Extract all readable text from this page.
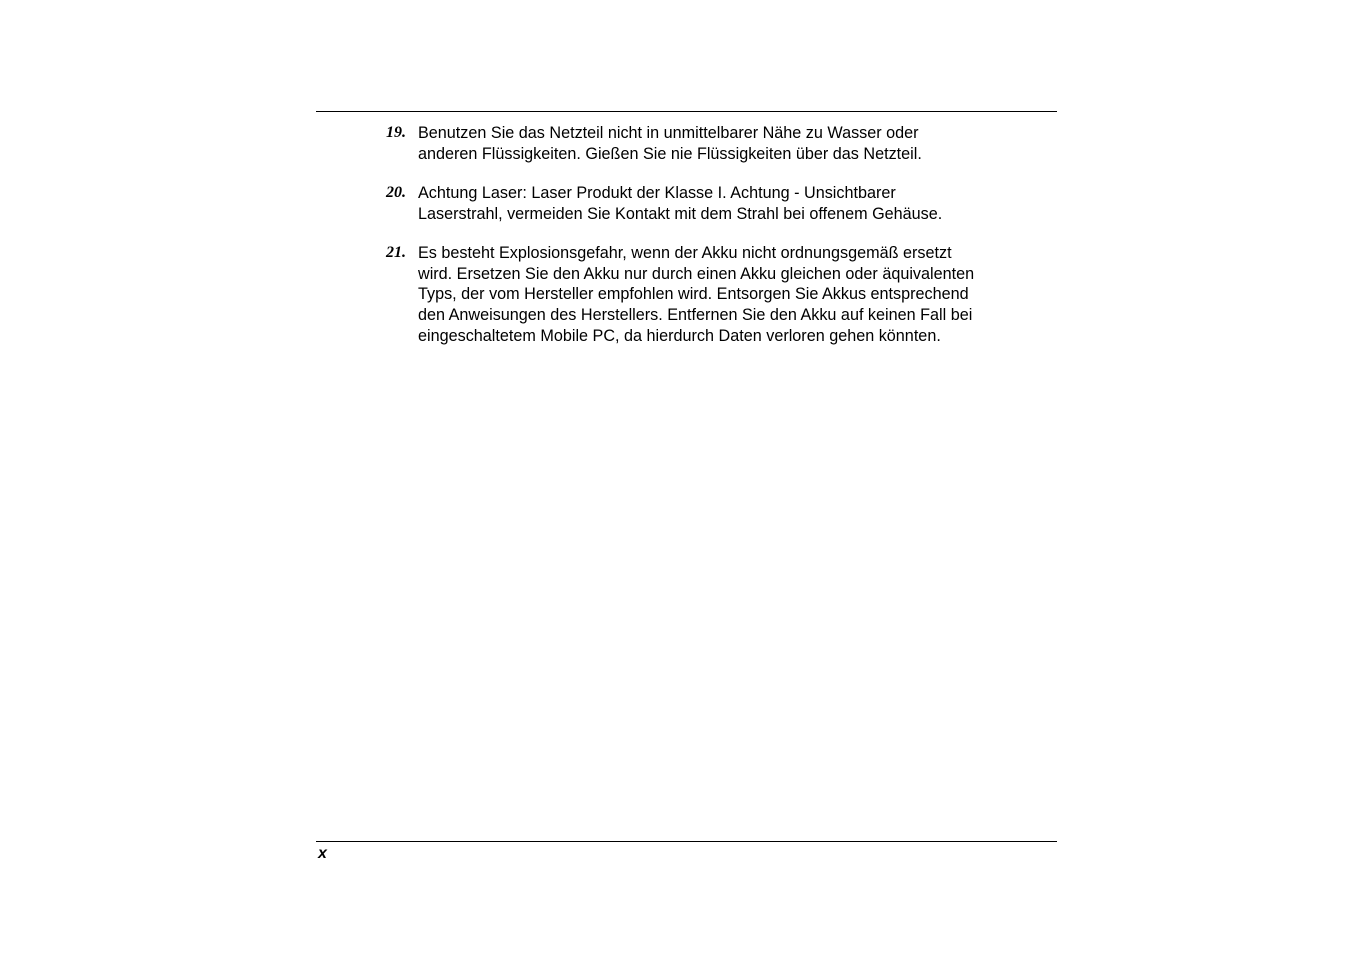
19. Benutzen Sie das Netzteil nicht in unmittelbarer Nähe zu Wasser oder
anderen Flüssigkeiten. Gießen Sie nie Flüssigkeiten über das Netzteil.
20. Achtung Laser: Laser Produkt der Klasse I. Achtung - Unsichtbarer
Laserstrahl, vermeiden Sie Kontakt mit dem Strahl bei offenem Gehäuse.
21. Es besteht Explosionsgefahr, wenn der Akku nicht ordnungsgemäß ersetzt
wird. Ersetzen Sie den Akku nur durch einen Akku gleichen oder äquivalenten
Typs, der vom Hersteller empfohlen wird. Entsorgen Sie Akkus entsprechend
den Anweisungen des Herstellers. Entfernen Sie den Akku auf keinen Fall bei
eingeschaltetem Mobile PC, da hierdurch Daten verloren gehen könnten.
x
